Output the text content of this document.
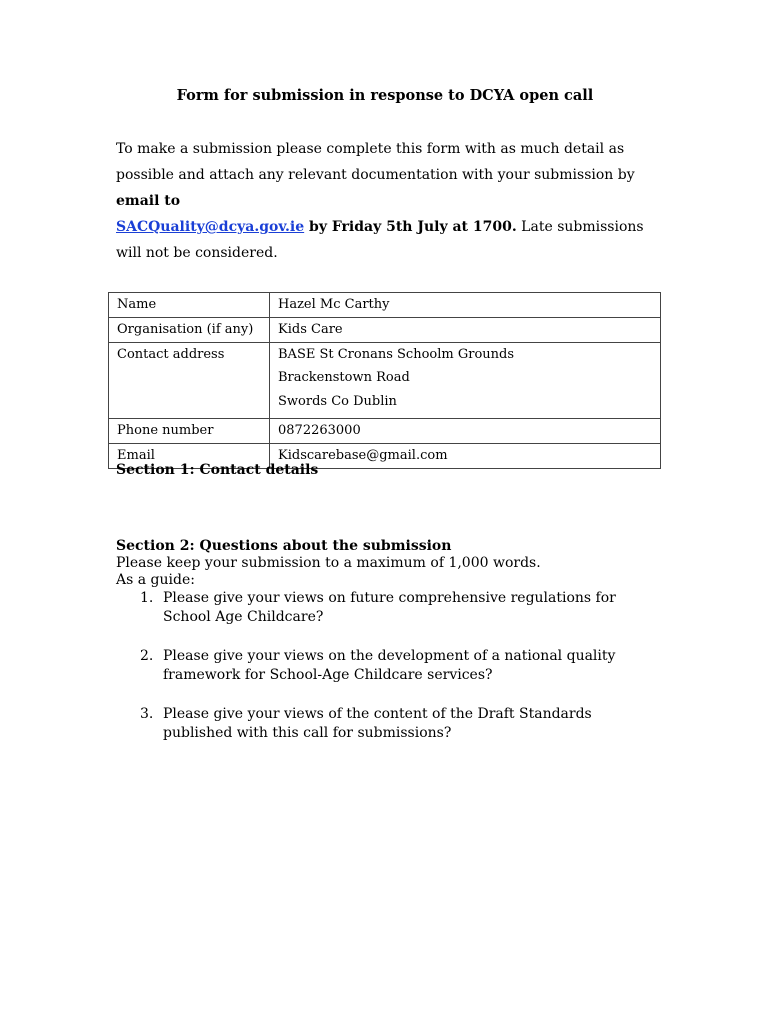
Form for submission in response to DCYA open call
To make a submission please complete this form with as much detail as possible and attach any relevant documentation with your submission by email to
SACQuality@dcya.gov.ie by Friday 5th July at 1700. Late submissions will not be considered.
Name	Hazel Mc Carthy
Organisation (if any)	Kids Care
Contact address	BASE St Cronans Schoolm Grounds
Brackenstown Road
Swords Co Dublin

Phone number	0872263000
Email	Kidscarebase@gmail.com
Section 1: Contact details
Section 2: Questions about the submission
Please keep your submission to a maximum of 1,000 words.
As a guide:
1. Please give your views on future comprehensive regulations for School Age Childcare?
2. Please give your views on the development of a national quality framework for School-Age Childcare services?
3. Please give your views of the content of the Draft Standards published with this call for submissions?
